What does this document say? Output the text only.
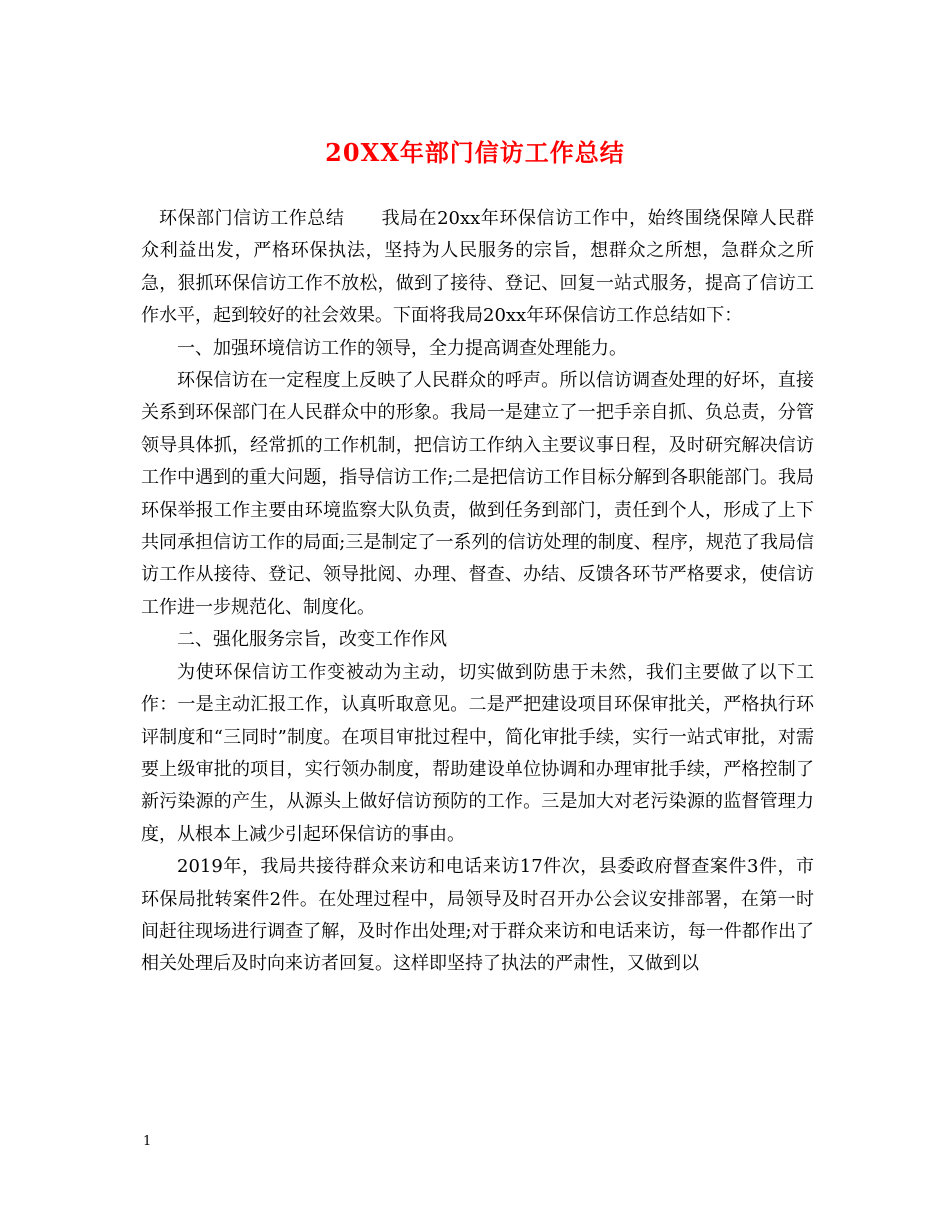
20XX年部门信访工作总结

环保部门信访工作总结　　我局在20xx年环保信访工作中，始终围绕保障人民群众利益出发，严格环保执法，坚持为人民服务的宗旨，想群众之所想，急群众之所急，狠抓环保信访工作不放松，做到了接待、登记、回复一站式服务，提高了信访工作水平，起到较好的社会效果。下面将我局20xx年环保信访工作总结如下：

一、加强环境信访工作的领导，全力提高调查处理能力。

环保信访在一定程度上反映了人民群众的呼声。所以信访调查处理的好坏，直接关系到环保部门在人民群众中的形象。我局一是建立了一把手亲自抓、负总责，分管领导具体抓，经常抓的工作机制，把信访工作纳入主要议事日程，及时研究解决信访工作中遇到的重大问题，指导信访工作;二是把信访工作目标分解到各职能部门。我局环保举报工作主要由环境监察大队负责，做到任务到部门，责任到个人，形成了上下共同承担信访工作的局面;三是制定了一系列的信访处理的制度、程序，规范了我局信访工作从接待、登记、领导批阅、办理、督查、办结、反馈各环节严格要求，使信访工作进一步规范化、制度化。

二、强化服务宗旨，改变工作作风

为使环保信访工作变被动为主动，切实做到防患于未然，我们主要做了以下工作：一是主动汇报工作，认真听取意见。二是严把建设项目环保审批关，严格执行环评制度和“三同时”制度。在项目审批过程中，简化审批手续，实行一站式审批，对需要上级审批的项目，实行领办制度，帮助建设单位协调和办理审批手续，严格控制了新污染源的产生，从源头上做好信访预防的工作。三是加大对老污染源的监督管理力度，从根本上减少引起环保信访的事由。

2019年，我局共接待群众来访和电话来访17件次，县委政府督查案件3件，市环保局批转案件2件。在处理过程中，局领导及时召开办公会议安排部署，在第一时间赶往现场进行调查了解，及时作出处理;对于群众来访和电话来访，每一件都作出了相关处理后及时向来访者回复。这样即坚持了执法的严肃性，又做到以

1
